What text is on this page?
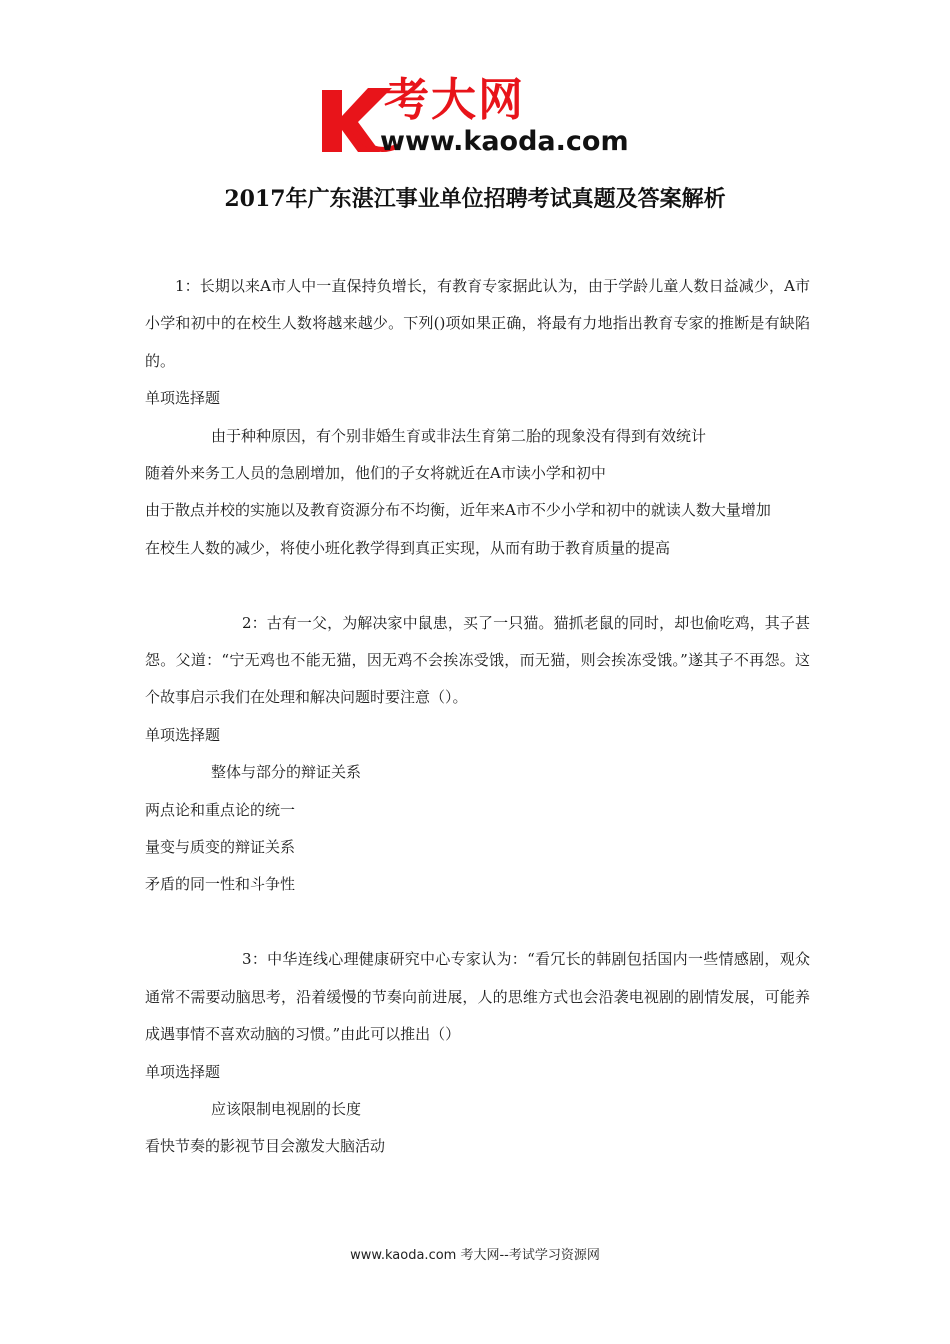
考大网
www.kaoda.com
2017年广东湛江事业单位招聘考试真题及答案解析

1：长期以来A市人中一直保持负增长，有教育专家据此认为，由于学龄儿童人数日益减少，A市小学和初中的在校生人数将越来越少。下列()项如果正确，将最有力地指出教育专家的推断是有缺陷的。

单项选择题

由于种种原因，有个别非婚生育或非法生育第二胎的现象没有得到有效统计

随着外来务工人员的急剧增加，他们的子女将就近在A市读小学和初中

由于散点并校的实施以及教育资源分布不均衡，近年来A市不少小学和初中的就读人数大量增加

在校生人数的减少，将使小班化教学得到真正实现，从而有助于教育质量的提高

2：古有一父，为解决家中鼠患，买了一只猫。猫抓老鼠的同时，却也偷吃鸡，其子甚怨。父道：“宁无鸡也不能无猫，因无鸡不会挨冻受饿，而无猫，则会挨冻受饿。”遂其子不再怨。这个故事启示我们在处理和解决问题时要注意（）。

单项选择题

整体与部分的辩证关系

两点论和重点论的统一

量变与质变的辩证关系

矛盾的同一性和斗争性

3：中华连线心理健康研究中心专家认为：“看冗长的韩剧包括国内一些情感剧，观众通常不需要动脑思考，沿着缓慢的节奏向前进展，人的思维方式也会沿袭电视剧的剧情发展，可能养成遇事情不喜欢动脑的习惯。”由此可以推出（）

单项选择题

应该限制电视剧的长度

看快节奏的影视节目会激发大脑活动

www.kaoda.com 考大网--考试学习资源网
